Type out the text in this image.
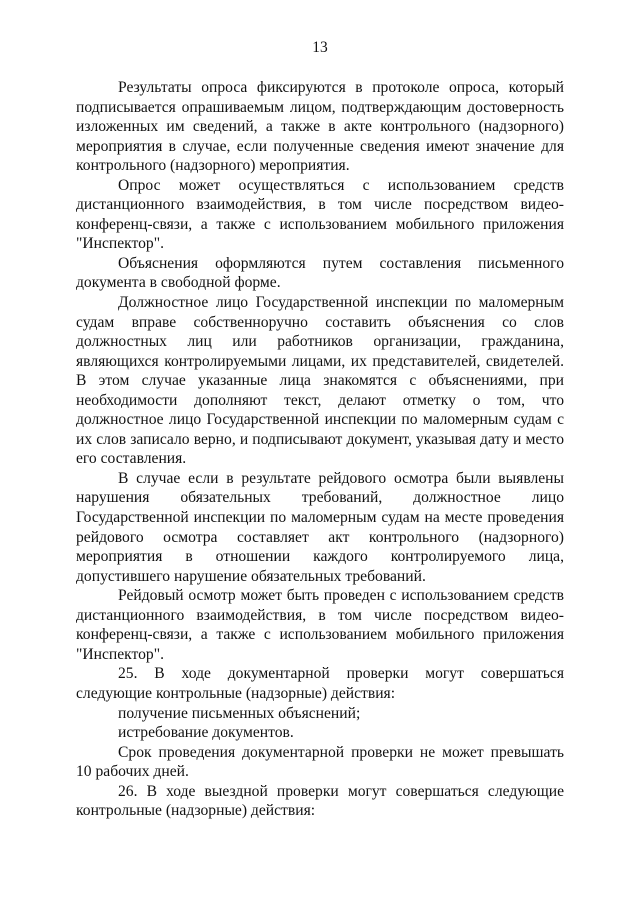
13

Результаты опроса фиксируются в протоколе опроса, который подписывается опрашиваемым лицом, подтверждающим достоверность изложенных им сведений, а также в акте контрольного (надзорного) мероприятия в случае, если полученные сведения имеют значение для контрольного (надзорного) мероприятия.

Опрос может осуществляться с использованием средств дистанционного взаимодействия, в том числе посредством видео-конференц-связи, а также с использованием мобильного приложения "Инспектор".

Объяснения оформляются путем составления письменного документа в свободной форме.

Должностное лицо Государственной инспекции по маломерным судам вправе собственноручно составить объяснения со слов должностных лиц или работников организации, гражданина, являющихся контролируемыми лицами, их представителей, свидетелей. В этом случае указанные лица знакомятся с объяснениями, при необходимости дополняют текст, делают отметку о том, что должностное лицо Государственной инспекции по маломерным судам с их слов записало верно, и подписывают документ, указывая дату и место его составления.

В случае если в результате рейдового осмотра были выявлены нарушения обязательных требований, должностное лицо Государственной инспекции по маломерным судам на месте проведения рейдового осмотра составляет акт контрольного (надзорного) мероприятия в отношении каждого контролируемого лица, допустившего нарушение обязательных требований.

Рейдовый осмотр может быть проведен с использованием средств дистанционного взаимодействия, в том числе посредством видео-конференц-связи, а также с использованием мобильного приложения "Инспектор".

25. В ходе документарной проверки могут совершаться следующие контрольные (надзорные) действия:

получение письменных объяснений;

истребование документов.

Срок проведения документарной проверки не может превышать 10 рабочих дней.

26. В ходе выездной проверки могут совершаться следующие контрольные (надзорные) действия:
